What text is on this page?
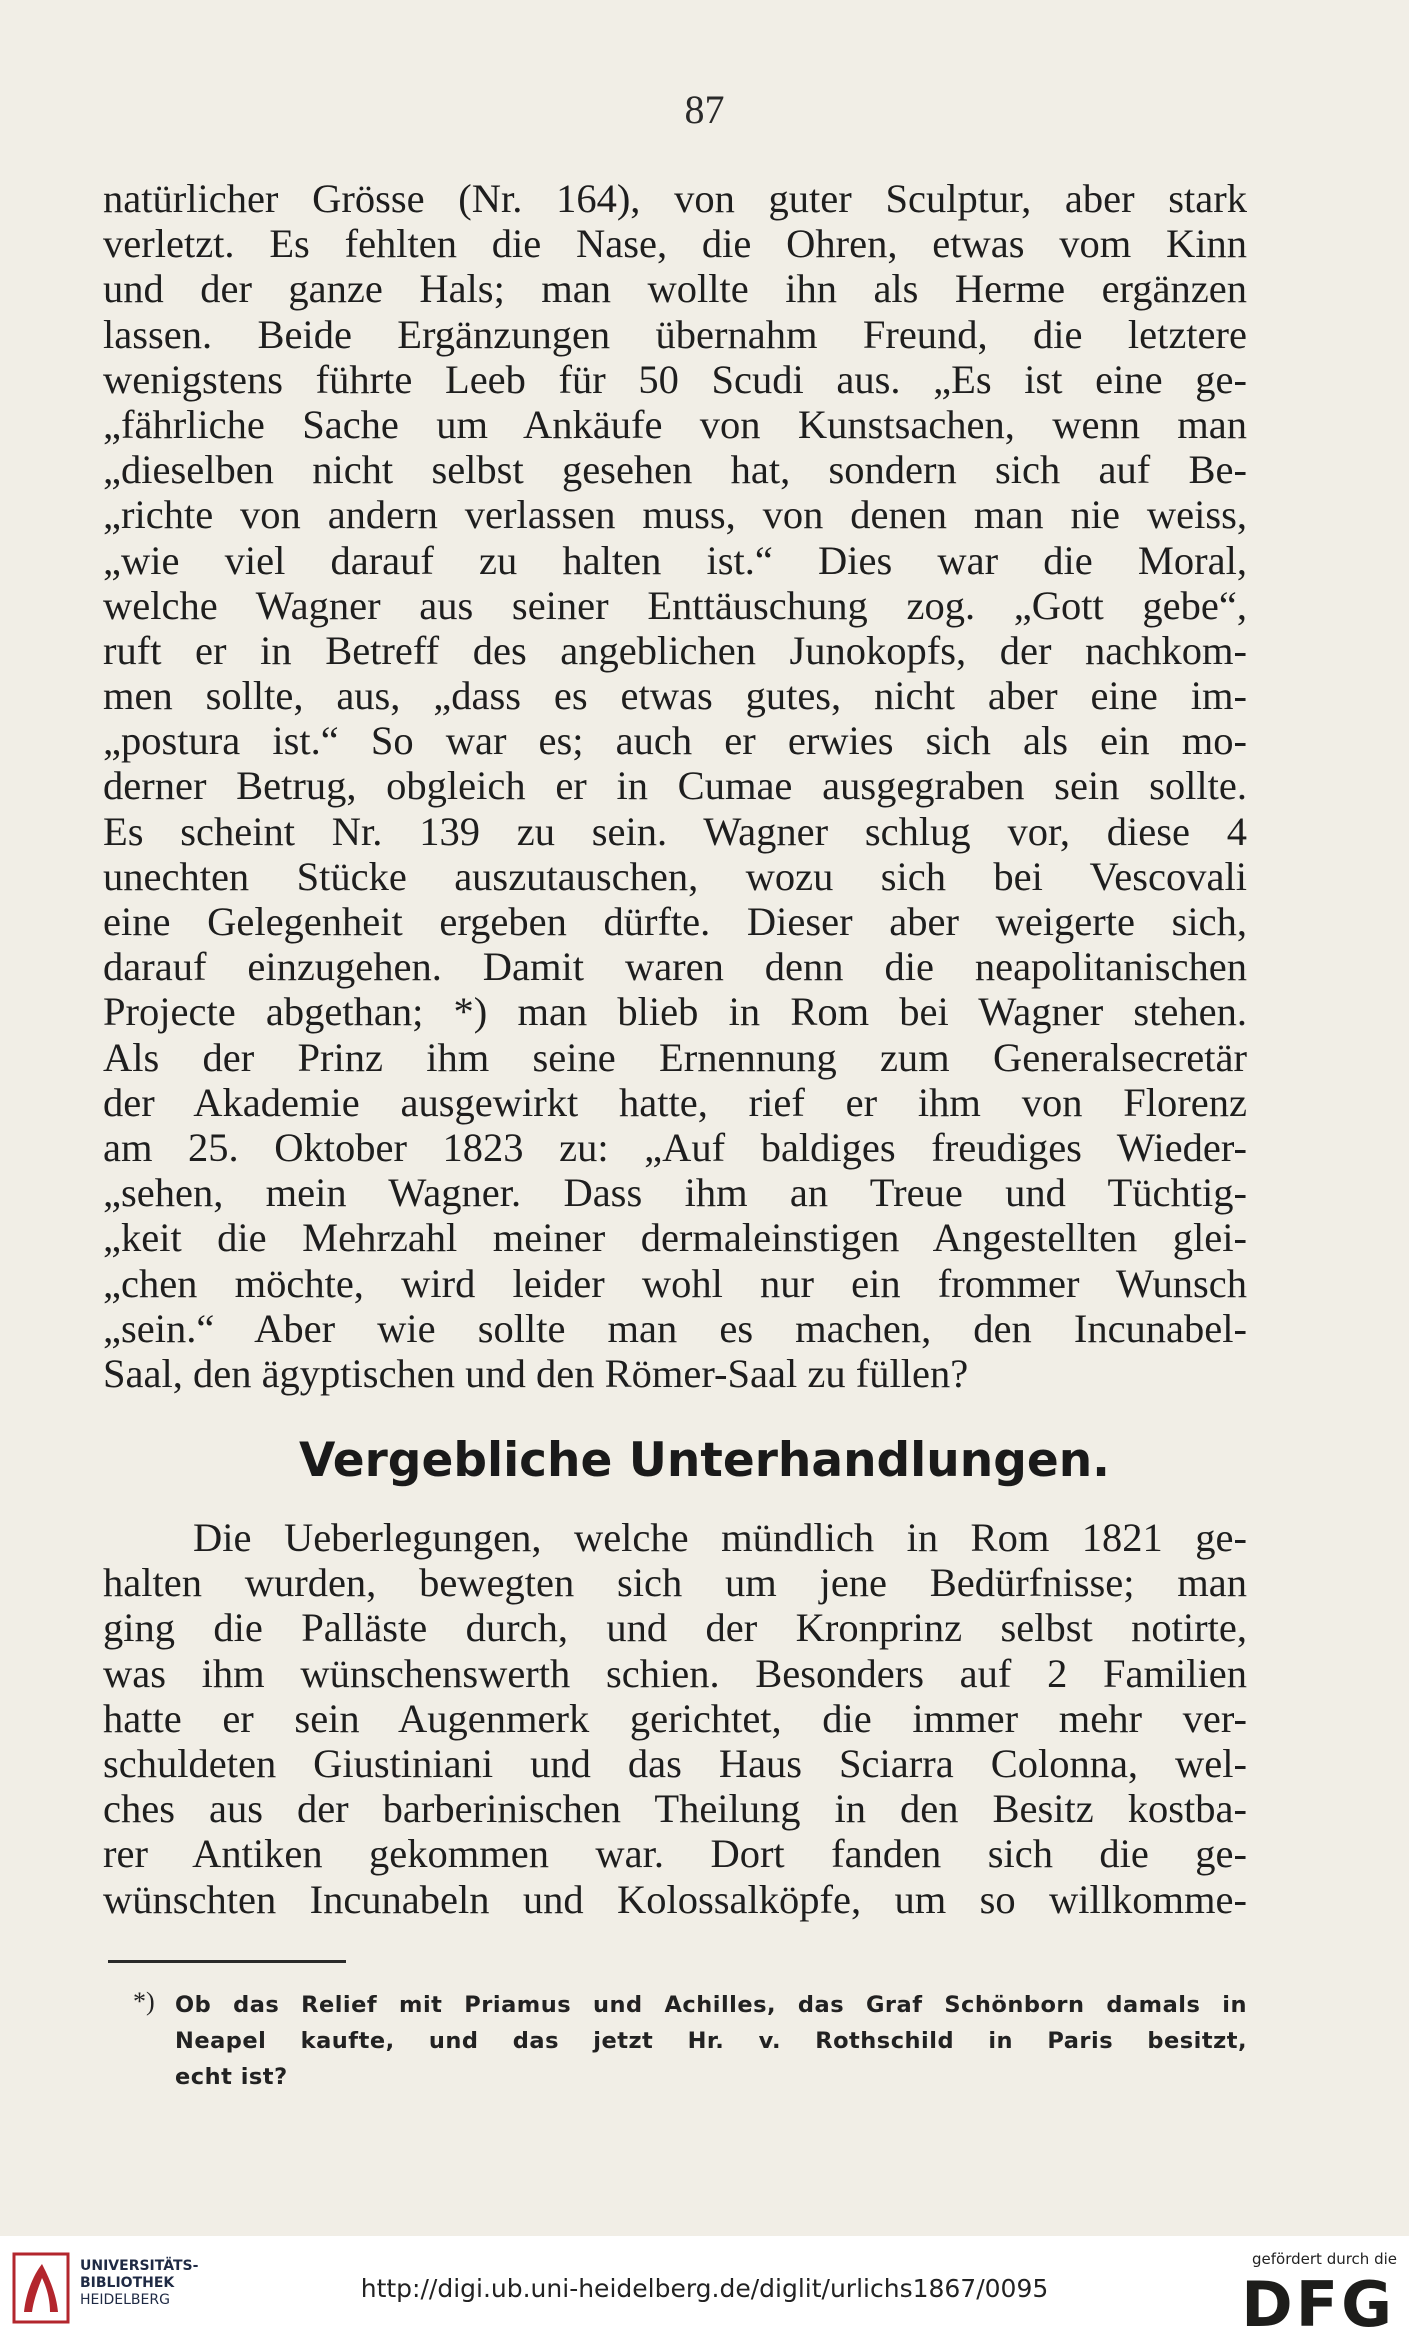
87
natürlicher Grösse (Nr. 164), von guter Sculptur, aber stark
verletzt. Es fehlten die Nase, die Ohren, etwas vom Kinn
und der ganze Hals; man wollte ihn als Herme ergänzen
lassen. Beide Ergänzungen übernahm Freund, die letztere
wenigstens führte Leeb für 50 Scudi aus. „Es ist eine ge-
„fährliche Sache um Ankäufe von Kunstsachen, wenn man
„dieselben nicht selbst gesehen hat, sondern sich auf Be-
„richte von andern verlassen muss, von denen man nie weiss,
„wie viel darauf zu halten ist.“ Dies war die Moral,
welche Wagner aus seiner Enttäuschung zog. „Gott gebe“,
ruft er in Betreff des angeblichen Junokopfs, der nachkom-
men sollte, aus, „dass es etwas gutes, nicht aber eine im-
„postura ist.“ So war es; auch er erwies sich als ein mo-
derner Betrug, obgleich er in Cumae ausgegraben sein sollte.
Es scheint Nr. 139 zu sein. Wagner schlug vor, diese 4
unechten Stücke auszutauschen, wozu sich bei Vescovali
eine Gelegenheit ergeben dürfte. Dieser aber weigerte sich,
darauf einzugehen. Damit waren denn die neapolitanischen
Projecte abgethan; *) man blieb in Rom bei Wagner stehen.
Als der Prinz ihm seine Ernennung zum Generalsecretär
der Akademie ausgewirkt hatte, rief er ihm von Florenz
am 25. Oktober 1823 zu: „Auf baldiges freudiges Wieder-
„sehen, mein Wagner. Dass ihm an Treue und Tüchtig-
„keit die Mehrzahl meiner dermaleinstigen Angestellten glei-
„chen möchte, wird leider wohl nur ein frommer Wunsch
„sein.“ Aber wie sollte man es machen, den Incunabel-
Saal, den ägyptischen und den Römer-Saal zu füllen?
Vergebliche Unterhandlungen.
Die Ueberlegungen, welche mündlich in Rom 1821 ge-
halten wurden, bewegten sich um jene Bedürfnisse; man
ging die Palläste durch, und der Kronprinz selbst notirte,
was ihm wünschenswerth schien. Besonders auf 2 Familien
hatte er sein Augenmerk gerichtet, die immer mehr ver-
schuldeten Giustiniani und das Haus Sciarra Colonna, wel-
ches aus der barberinischen Theilung in den Besitz kostba-
rer Antiken gekommen war. Dort fanden sich die ge-
wünschten Incunabeln und Kolossalköpfe, um so willkomme-
*) Ob das Relief mit Priamus und Achilles, das Graf Schönborn damals in
Neapel kaufte, und das jetzt Hr. v. Rothschild in Paris besitzt,
echt ist?
UNIVERSITÄTS-
BIBLIOTHEK
HEIDELBERG	http://digi.ub.uni-heidelberg.de/diglit/urlichs1867/0095
gefördert durch die
DFG
